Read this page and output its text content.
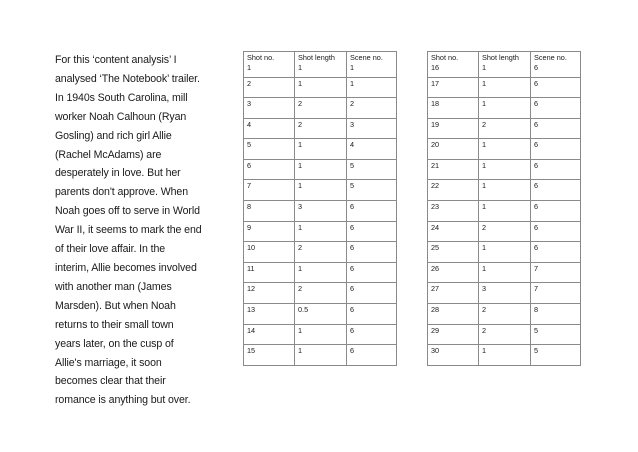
For this ‘content analysis’ I

analysed ‘The Notebook’ trailer.

In 1940s South Carolina, mill

worker Noah Calhoun (Ryan

Gosling) and rich girl Allie

(Rachel McAdams) are

desperately in love. But her

parents don't approve. When

Noah goes off to serve in World

War II, it seems to mark the end

of their love affair. In the

interim, Allie becomes involved

with another man (James

Marsden). But when Noah

returns to their small town

years later, on the cusp of

Allie's marriage, it soon

becomes clear that their

romance is anything but over.

Shot no.	Shot length	Scene no.
1	1	1
2	1	1
3	2	2
4	2	3
5	1	4
6	1	5
7	1	5
8	3	6
9	1	6
10	2	6
11	1	6
12	2	6
13	0.5	6
14	1	6
15	1	6
Shot no.	Shot length	Scene no.
16	1	6
17	1	6
18	1	6
19	2	6
20	1	6
21	1	6
22	1	6
23	1	6
24	2	6
25	1	6
26	1	7
27	3	7
28	2	8
29	2	5
30	1	5
